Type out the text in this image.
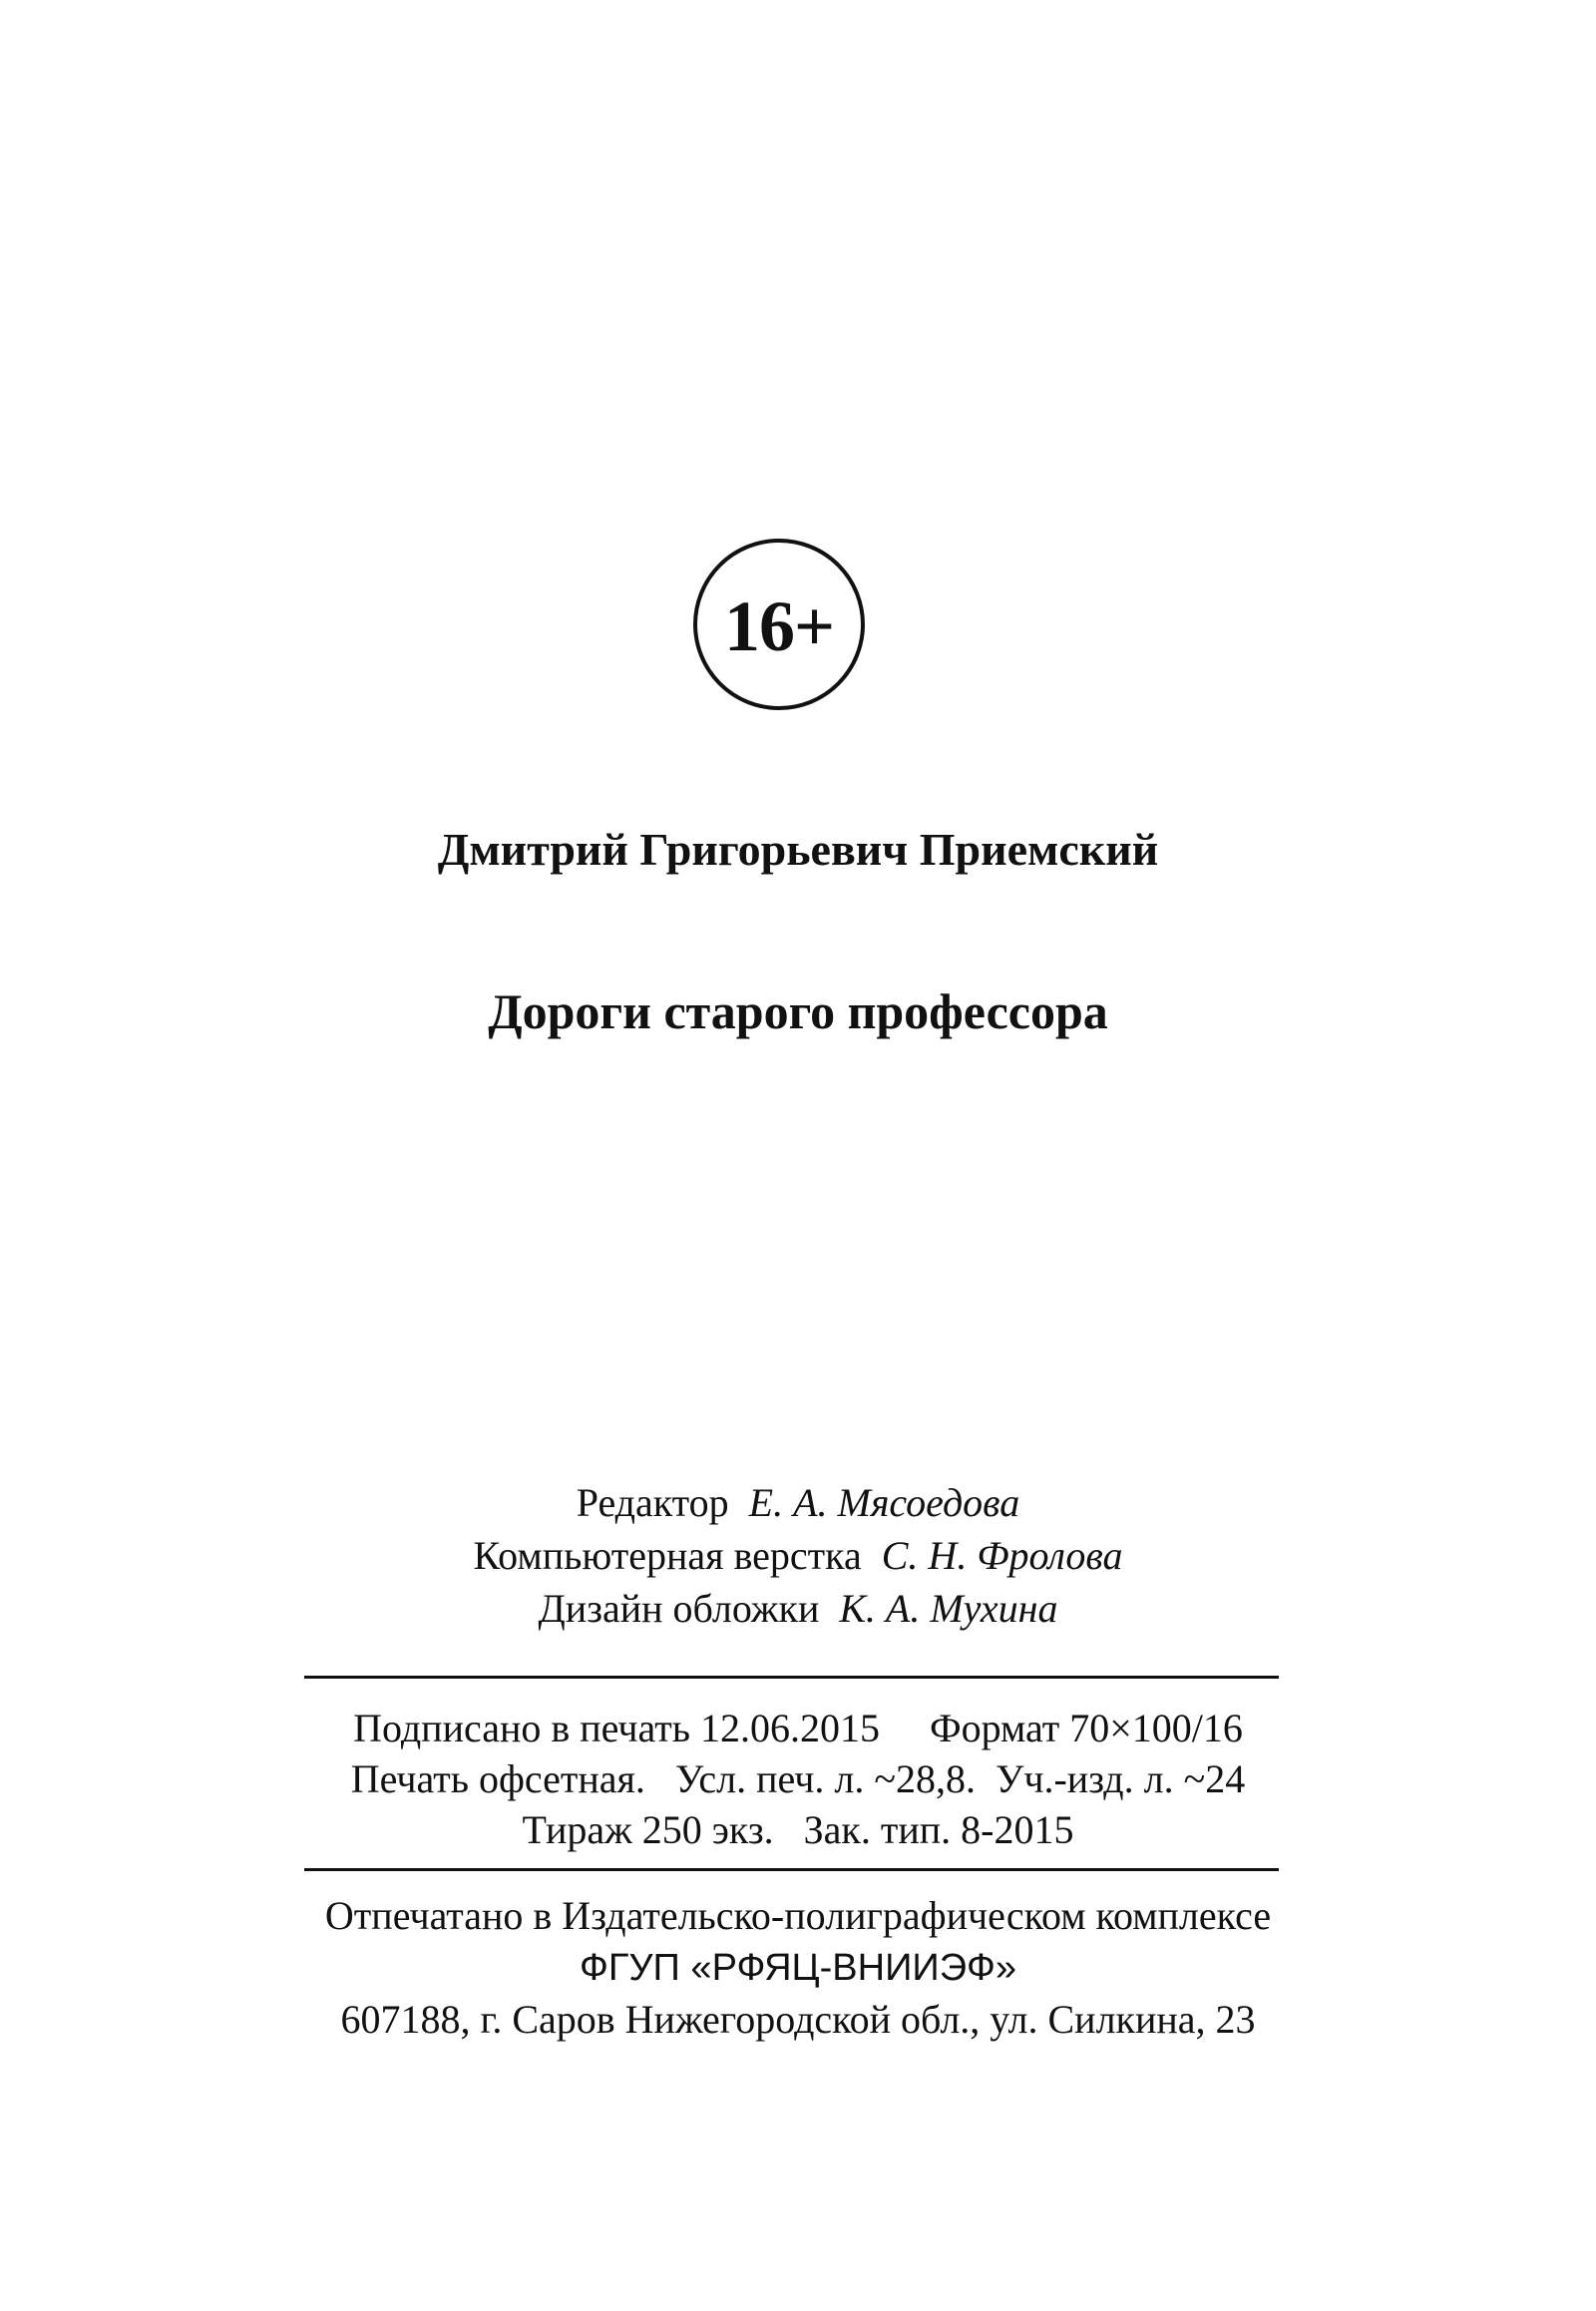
16+
Дмитрий Григорьевич Приемский
Дороги старого профессора
Редактор Е. А. Мясоедова
Компьютерная верстка С. Н. Фролова
Дизайн обложки К. А. Мухина
Подписано в печать 12.06.2015 Формат 70×100/16
Печать офсетная. Усл. печ. л. ~28,8. Уч.-изд. л. ~24
Тираж 250 экз. Зак. тип. 8-2015
Отпечатано в Издательско-полиграфическом комплексе
ФГУП «РФЯЦ-ВНИИЭФ»
607188, г. Саров Нижегородской обл., ул. Силкина, 23
